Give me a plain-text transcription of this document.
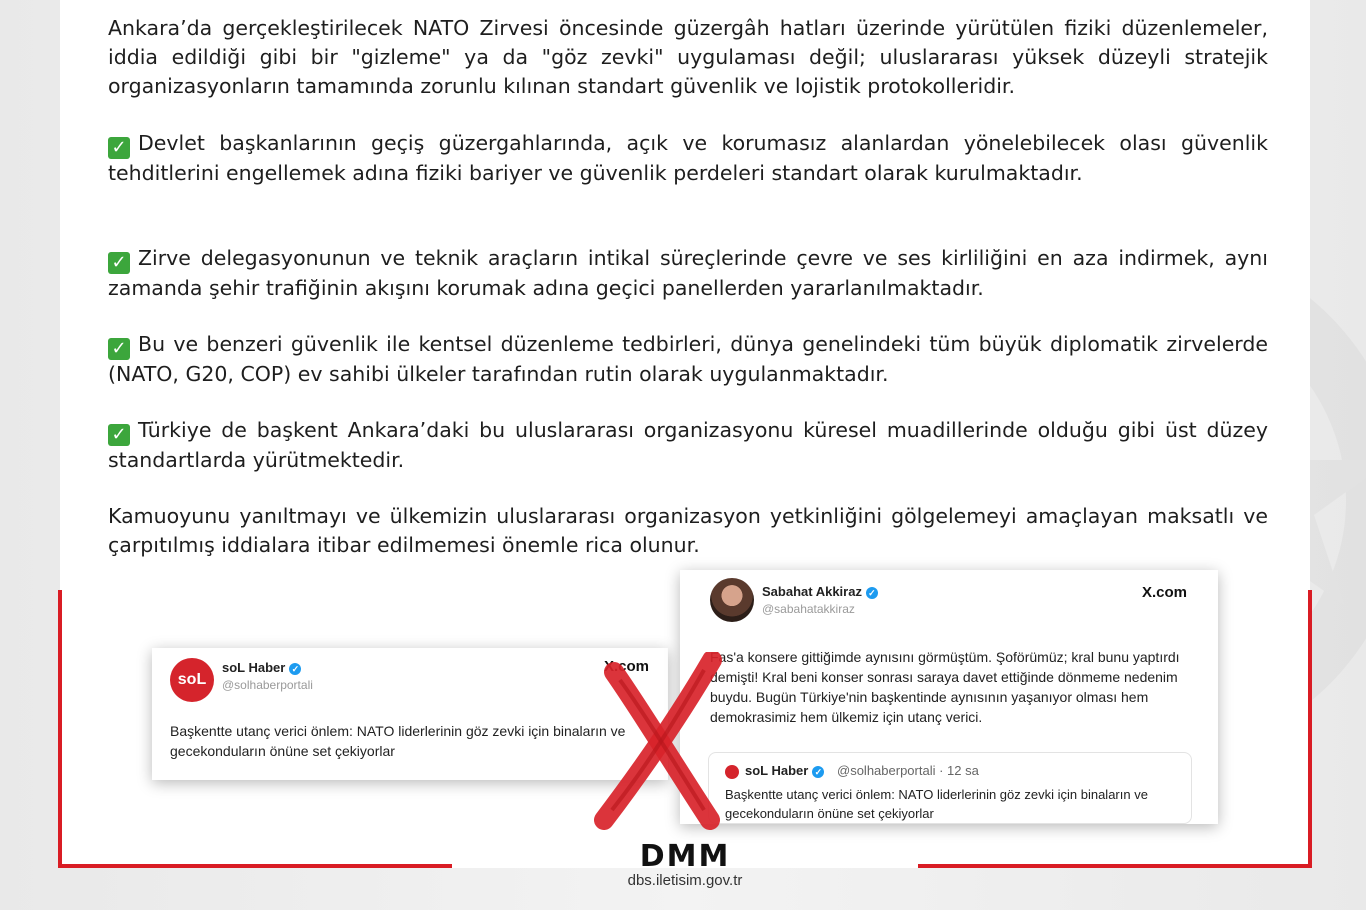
Ankara’da gerçekleştirilecek NATO Zirvesi öncesinde güzergâh hatları üzerinde yürütülen fiziki düzenlemeler, iddia edildiği gibi bir "gizleme" ya da "göz zevki" uygulaması değil; uluslararası yüksek düzeyli stratejik organizasyonların tamamında zorunlu kılınan standart güvenlik ve lojistik protokolleridir.
✓ Devlet başkanlarının geçiş güzergahlarında, açık ve korumasız alanlardan yönelebilecek olası güvenlik tehditlerini engellemek adına fiziki bariyer ve güvenlik perdeleri standart olarak kurulmaktadır.
✓ Zirve delegasyonunun ve teknik araçların intikal süreçlerinde çevre ve ses kirliliğini en aza indirmek, aynı zamanda şehir trafiğinin akışını korumak adına geçici panellerden yararlanılmaktadır.
✓ Bu ve benzeri güvenlik ile kentsel düzenleme tedbirleri, dünya genelindeki tüm büyük diplomatik zirvelerde (NATO, G20, COP) ev sahibi ülkeler tarafından rutin olarak uygulanmaktadır.
✓ Türkiye de başkent Ankara’daki bu uluslararası organizasyonu küresel muadillerinde olduğu gibi üst düzey standartlarda yürütmektedir.
Kamuoyunu yanıltmayı ve ülkemizin uluslararası organizasyon yetkinliğini gölgelemeyi amaçlayan maksatlı ve çarpıtılmış iddialara itibar edilmemesi önemle rica olunur.
soL
soL Haber ✓
@solhaberportali
X.com
Başkentte utanç verici önlem: NATO liderlerinin göz zevki için binaların ve gecekonduların önüne set çekiyorlar
Sabahat Akkiraz ✓
@sabahatakkiraz
X.com
Fas'a konsere gittiğimde aynısını görmüştüm. Şoförümüz; kral bunu yaptırdı demişti! Kral beni konser sonrası saraya davet ettiğinde dönmeme nedenim buydu. Bugün Türkiye'nin başkentinde aynısının yaşanıyor olması hem demokrasimiz hem ülkemiz için utanç verici.
soL Haber ✓ @solhaberportali · 12 sa
Başkentte utanç verici önlem: NATO liderlerinin göz zevki için binaların ve gecekonduların önüne set çekiyorlar
DMM
dbs.iletisim.gov.tr
